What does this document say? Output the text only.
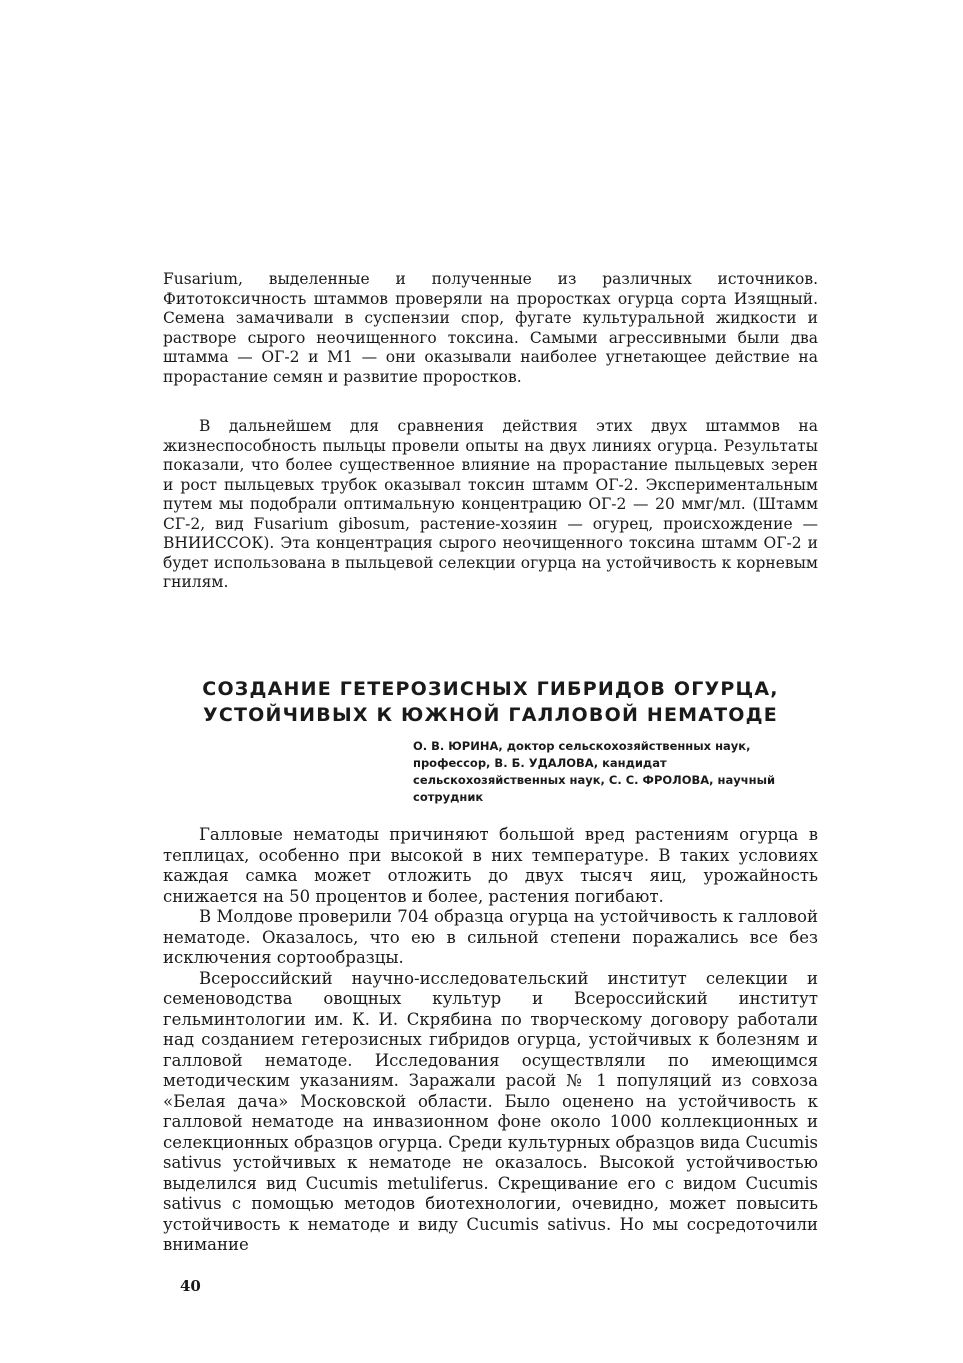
Fusarium, выделенные и полученные из различных источников. Фитотоксичность штаммов проверяли на проростках огурца сорта Изящный. Семена замачивали в суспензии спор, фугате культуральной жидкости и растворе сырого неочищенного токсина. Самыми агрессивными были два штамма — ОГ-2 и М1 — они оказывали наиболее угнетающее действие на прорастание семян и развитие проростков.

В дальнейшем для сравнения действия этих двух штаммов на жизнеспособность пыльцы провели опыты на двух линиях огурца. Результаты показали, что более существенное влияние на прорастание пыльцевых зерен и рост пыльцевых трубок оказывал токсин штамм ОГ-2. Экспериментальным путем мы подобрали оптимальную концентрацию ОГ-2 — 20 ммг/мл. (Штамм СГ-2, вид Fusarium gibosum, растение-хозяин — огурец, происхождение — ВНИИССОК). Эта концентрация сырого неочищенного токсина штамм ОГ-2 и будет использована в пыльцевой селекции огурца на устойчивость к корневым гнилям.

СОЗДАНИЕ ГЕТЕРОЗИСНЫХ ГИБРИДОВ ОГУРЦА,
УСТОЙЧИВЫХ К ЮЖНОЙ ГАЛЛОВОЙ НЕМАТОДЕ

О. В. ЮРИНА, доктор сельскохозяйственных наук, профессор, В. Б. УДАЛОВА, кандидат сельскохозяйственных наук, С. С. ФРОЛОВА, научный сотрудник

Галловые нематоды причиняют большой вред растениям огурца в теплицах, особенно при высокой в них температуре. В таких условиях каждая самка может отложить до двух тысяч яиц, урожайность снижается на 50 процентов и более, растения погибают.

В Молдове проверили 704 образца огурца на устойчивость к галловой нематоде. Оказалось, что ею в сильной степени поражались все без исключения сортообразцы.

Всероссийский научно-исследовательский институт селекции и семеноводства овощных культур и Всероссийский институт гельминтологии им. К. И. Скрябина по творческому договору работали над созданием гетерозисных гибридов огурца, устойчивых к болезням и галловой нематоде. Исследования осуществляли по имеющимся методическим указаниям. Заражали расой № 1 популяций из совхоза «Белая дача» Московской области. Было оценено на устойчивость к галловой нематоде на инвазионном фоне около 1000 коллекционных и селекционных образцов огурца. Среди культурных образцов вида Cucumis sativus устойчивых к нематоде не оказалось. Высокой устойчивостью выделился вид Cucumis metuliferus. Скрещивание его с видом Cucumis sativus с помощью методов биотехнологии, очевидно, может повысить устойчивость к нематоде и виду Cucumis sativus. Но мы сосредоточили внимание

40
